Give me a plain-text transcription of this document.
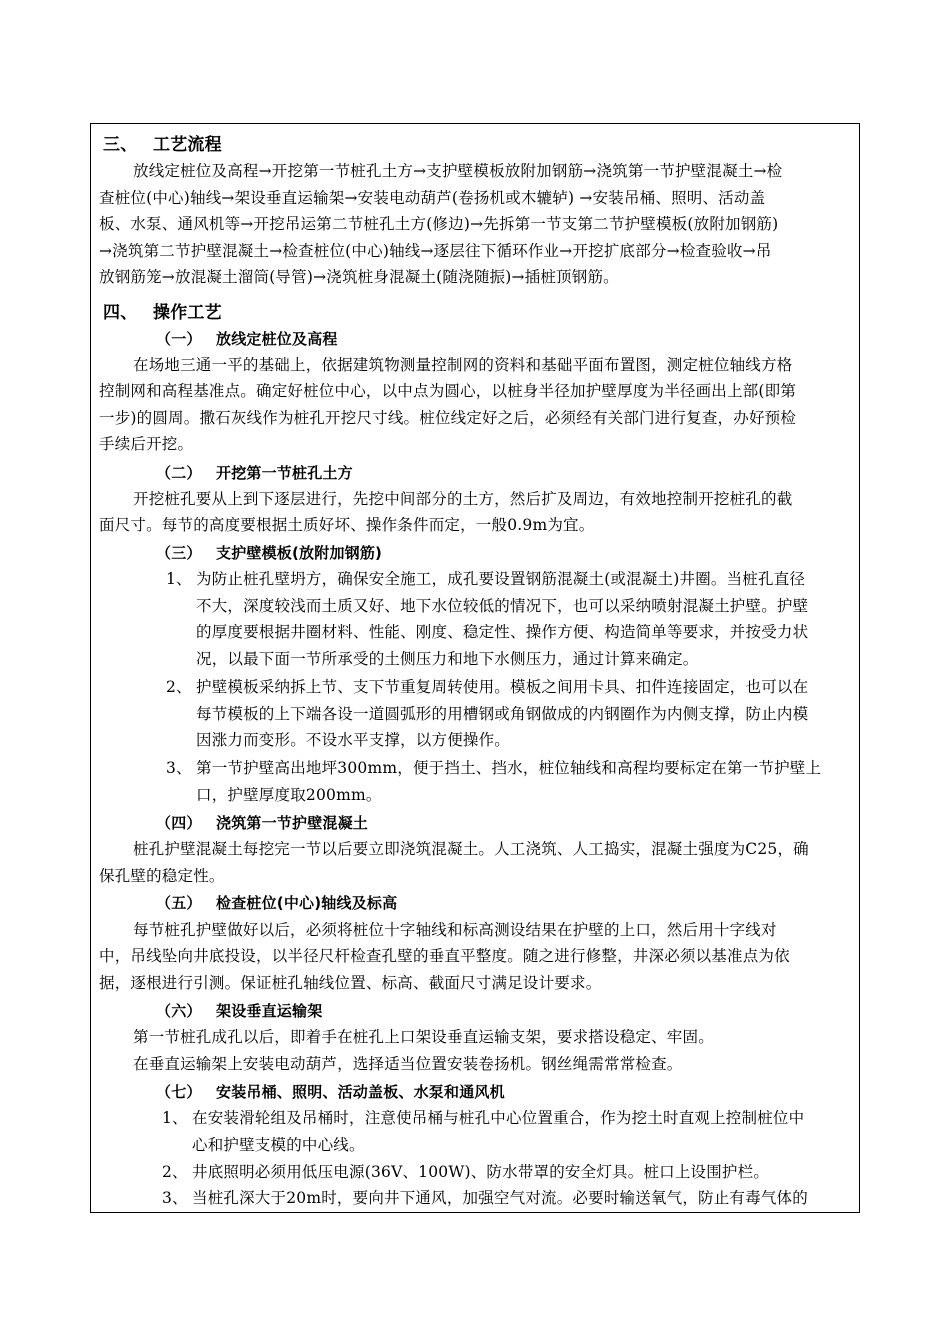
三、 工艺流程
放线定桩位及高程→开挖第一节桩孔土方→支护壁模板放附加钢筋→浇筑第一节护壁混凝土→检
查桩位(中心)轴线→架设垂直运输架→安装电动葫芦(卷扬机或木辘轳) →安装吊桶、照明、活动盖
板、水泵、通风机等→开挖吊运第二节桩孔土方(修边)→先拆第一节支第二节护壁模板(放附加钢筋)
→浇筑第二节护壁混凝土→检查桩位(中心)轴线→逐层往下循环作业→开挖扩底部分→检查验收→吊
放钢筋笼→放混凝土溜筒(导管)→浇筑桩身混凝土(随浇随振)→插桩顶钢筋。
四、 操作工艺
（一） 放线定桩位及高程
在场地三通一平的基础上，依据建筑物测量控制网的资料和基础平面布置图，测定桩位轴线方格
控制网和高程基准点。确定好桩位中心，以中点为圆心，以桩身半径加护壁厚度为半径画出上部(即第
一步)的圆周。撒石灰线作为桩孔开挖尺寸线。桩位线定好之后，必须经有关部门进行复查，办好预检
手续后开挖。
（二） 开挖第一节桩孔土方
开挖桩孔要从上到下逐层进行，先挖中间部分的土方，然后扩及周边，有效地控制开挖桩孔的截
面尺寸。每节的高度要根据土质好坏、操作条件而定，一般0.9m为宜。
（三） 支护壁模板(放附加钢筋)
1、 为防止桩孔壁坍方，确保安全施工，成孔要设置钢筋混凝土(或混凝土)井圈。当桩孔直径
不大，深度较浅而土质又好、地下水位较低的情况下，也可以采纳喷射混凝土护壁。护壁
的厚度要根据井圈材料、性能、刚度、稳定性、操作方便、构造简单等要求，并按受力状
况，以最下面一节所承受的土侧压力和地下水侧压力，通过计算来确定。
2、 护壁模板采纳拆上节、支下节重复周转使用。模板之间用卡具、扣件连接固定，也可以在
每节模板的上下端各设一道圆弧形的用槽钢或角钢做成的内钢圈作为内侧支撑，防止内模
因涨力而变形。不设水平支撑，以方便操作。
3、 第一节护壁高出地坪300mm，便于挡土、挡水，桩位轴线和高程均要标定在第一节护壁上
口，护壁厚度取200mm。
（四） 浇筑第一节护壁混凝土
桩孔护壁混凝土每挖完一节以后要立即浇筑混凝土。人工浇筑、人工捣实，混凝土强度为C25，确
保孔壁的稳定性。
（五） 检查桩位(中心)轴线及标高
每节桩孔护壁做好以后，必须将桩位十字轴线和标高测设结果在护壁的上口，然后用十字线对
中，吊线坠向井底投设，以半径尺杆检查孔壁的垂直平整度。随之进行修整，井深必须以基准点为依
据，逐根进行引测。保证桩孔轴线位置、标高、截面尺寸满足设计要求。
（六） 架设垂直运输架
第一节桩孔成孔以后，即着手在桩孔上口架设垂直运输支架，要求搭设稳定、牢固。
在垂直运输架上安装电动葫芦，选择适当位置安装卷扬机。钢丝绳需常常检查。
（七） 安装吊桶、照明、活动盖板、水泵和通风机
1、 在安装滑轮组及吊桶时，注意使吊桶与桩孔中心位置重合，作为挖土时直观上控制桩位中
心和护壁支模的中心线。
2、 井底照明必须用低压电源(36Ⅴ、100W)、防水带罩的安全灯具。桩口上设围护栏。
3、 当桩孔深大于20m时，要向井下通风，加强空气对流。必要时输送氧气，防止有毒气体的
